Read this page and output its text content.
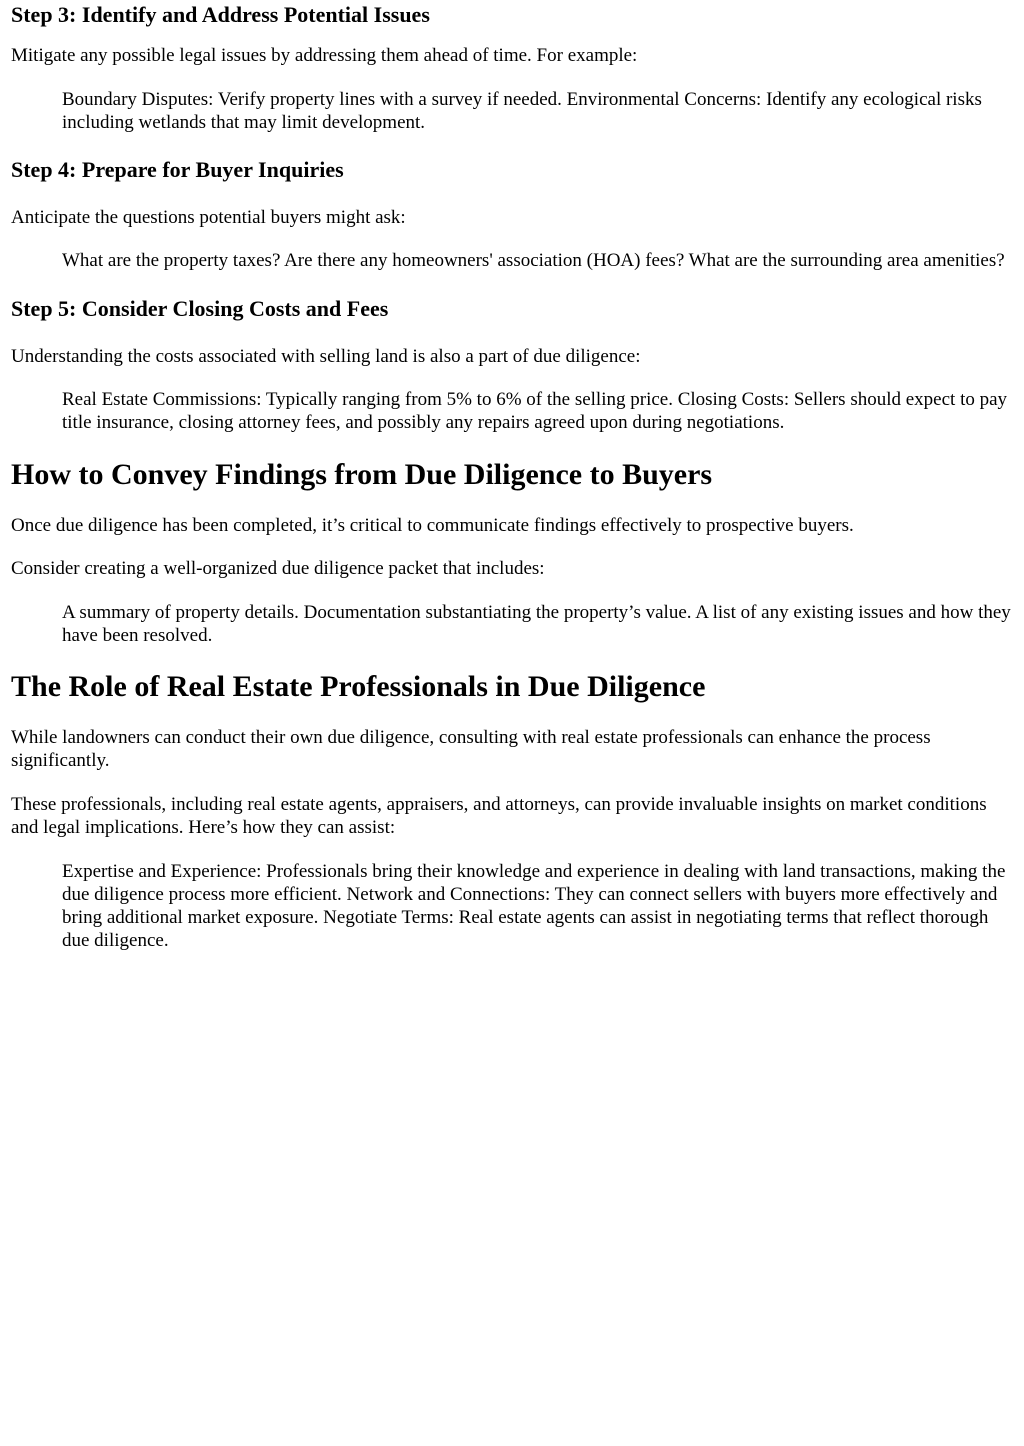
Step 3: Identify and Address Potential Issues

Mitigate any possible legal issues by addressing them ahead of time. For example:

Boundary Disputes: Verify property lines with a survey if needed. Environmental Concerns: Identify any ecological risks including wetlands that may limit development.
Step 4: Prepare for Buyer Inquiries

Anticipate the questions potential buyers might ask:

What are the property taxes? Are there any homeowners' association (HOA) fees? What are the surrounding area amenities?
Step 5: Consider Closing Costs and Fees

Understanding the costs associated with selling land is also a part of due diligence:

Real Estate Commissions: Typically ranging from 5% to 6% of the selling price. Closing Costs: Sellers should expect to pay title insurance, closing attorney fees, and possibly any repairs agreed upon during negotiations.
How to Convey Findings from Due Diligence to Buyers

Once due diligence has been completed, it’s critical to communicate findings effectively to prospective buyers.

Consider creating a well-organized due diligence packet that includes:

A summary of property details. Documentation substantiating the property’s value. A list of any existing issues and how they have been resolved.
The Role of Real Estate Professionals in Due Diligence

While landowners can conduct their own due diligence, consulting with real estate professionals can enhance the process significantly.

These professionals, including real estate agents, appraisers, and attorneys, can provide invaluable insights on market conditions and legal implications. Here’s how they can assist:

Expertise and Experience: Professionals bring their knowledge and experience in dealing with land transactions, making the due diligence process more efficient. Network and Connections: They can connect sellers with buyers more effectively and bring additional market exposure. Negotiate Terms: Real estate agents can assist in negotiating terms that reflect thorough due diligence.
